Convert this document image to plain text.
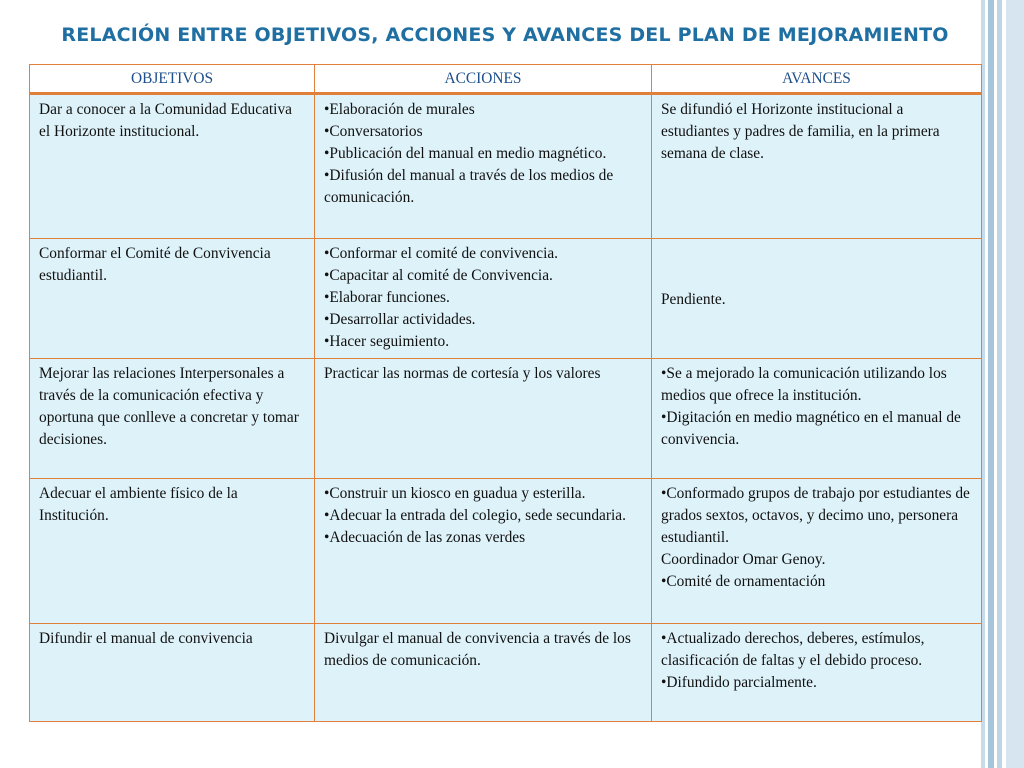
RELACIÓN ENTRE OBJETIVOS, ACCIONES Y AVANCES DEL PLAN DE MEJORAMIENTO
OBJETIVOS	ACCIONES	AVANCES
Dar a conocer a la Comunidad Educativa el Horizonte institucional.	•Elaboración de murales
•Conversatorios
•Publicación del manual en medio magnético.
•Difusión del manual a través de los medios de comunicación.	Se difundió el Horizonte institucional a estudiantes y padres de familia, en la primera semana de clase.

Conformar el Comité de Convivencia estudiantil.	•Conformar el comité de convivencia.
•Capacitar al comité de Convivencia.
•Elaborar funciones.
•Desarrollar actividades.
•Hacer seguimiento.	Pendiente.

Mejorar las relaciones Interpersonales a través de la comunicación efectiva y oportuna que conlleve a concretar y tomar decisiones.	Practicar las normas de cortesía y los valores	•Se a mejorado la comunicación utilizando los medios que ofrece la institución.
•Digitación en medio magnético en el manual de convivencia.

Adecuar el ambiente físico de la Institución.	•Construir un kiosco en guadua y esterilla.
•Adecuar la entrada del colegio, sede secundaria.
•Adecuación de las zonas verdes	•Conformado grupos de trabajo por estudiantes de grados sextos, octavos, y decimo uno, personera estudiantil.
Coordinador Omar Genoy.
•Comité de ornamentación

Difundir el manual de convivencia	Divulgar el manual de convivencia a través de los medios de comunicación.	•Actualizado derechos, deberes, estímulos, clasificación de faltas y el debido proceso.
•Difundido parcialmente.
